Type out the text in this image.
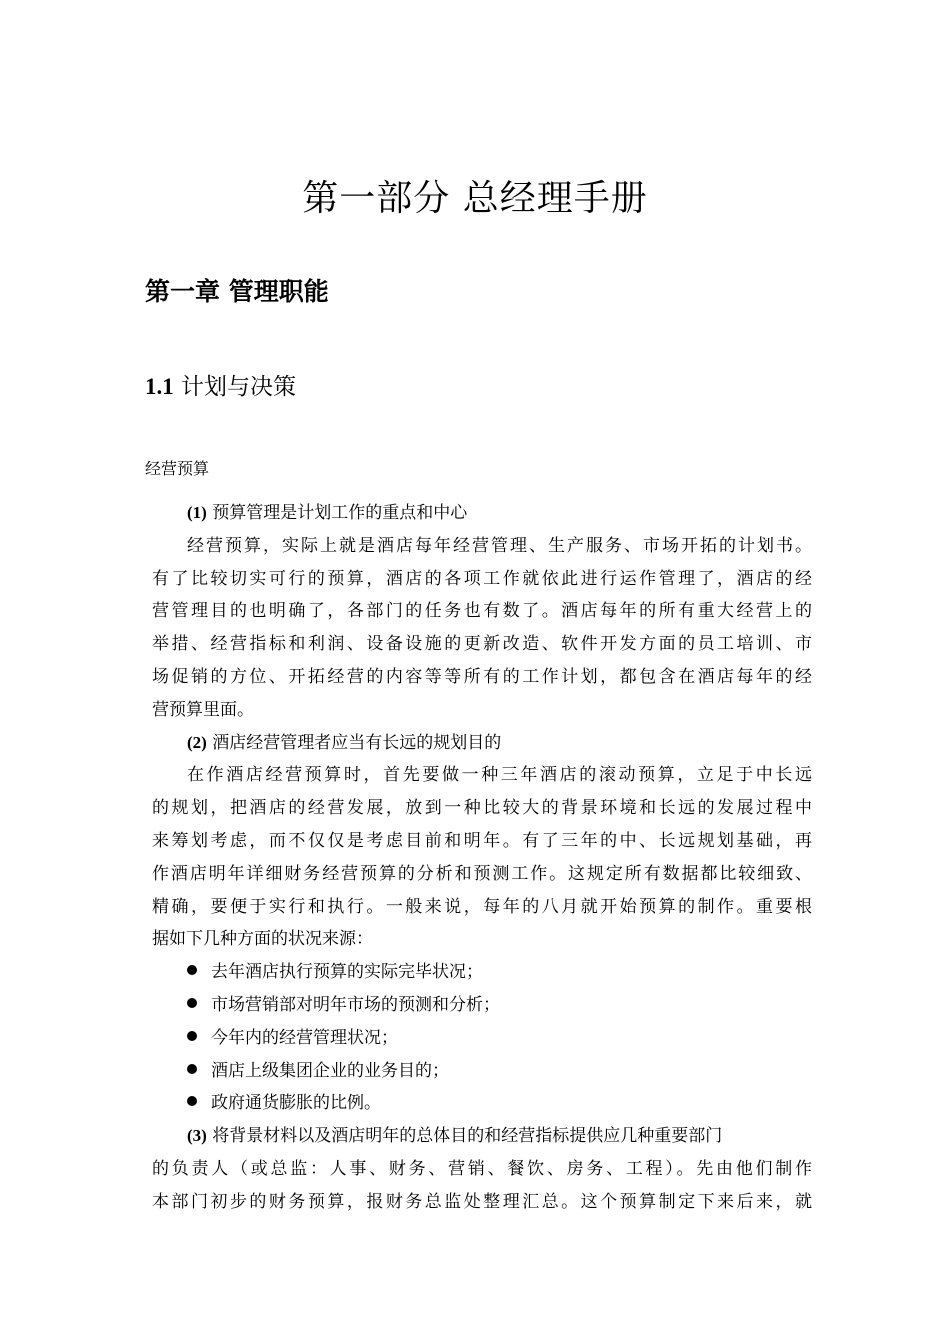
第一部分 总经理手册
第一章 管理职能
1.1 计划与决策
经营预算
(1) 预算管理是计划工作的重点和中心
经营预算，实际上就是酒店每年经营管理、生产服务、市场开拓的计划书。
有了比较切实可行的预算，酒店的各项工作就依此进行运作管理了，酒店的经
营管理目的也明确了，各部门的任务也有数了。酒店每年的所有重大经营上的
举措、经营指标和利润、设备设施的更新改造、软件开发方面的员工培训、市
场促销的方位、开拓经营的内容等等所有的工作计划，都包含在酒店每年的经
营预算里面。
(2) 酒店经营管理者应当有长远的规划目的
在作酒店经营预算时，首先要做一种三年酒店的滚动预算，立足于中长远
的规划，把酒店的经营发展，放到一种比较大的背景环境和长远的发展过程中
来筹划考虑，而不仅仅是考虑目前和明年。有了三年的中、长远规划基础，再
作酒店明年详细财务经营预算的分析和预测工作。这规定所有数据都比较细致、
精确，要便于实行和执行。一般来说，每年的八月就开始预算的制作。重要根
据如下几种方面的状况来源：
去年酒店执行预算的实际完毕状况；
市场营销部对明年市场的预测和分析；
今年内的经营管理状况；
酒店上级集团企业的业务目的；
政府通货膨胀的比例。
(3) 将背景材料以及酒店明年的总体目的和经营指标提供应几种重要部门
的负责人（或总监：人事、财务、营销、餐饮、房务、工程）。先由他们制作
本部门初步的财务预算，报财务总监处整理汇总。这个预算制定下来后来，就
